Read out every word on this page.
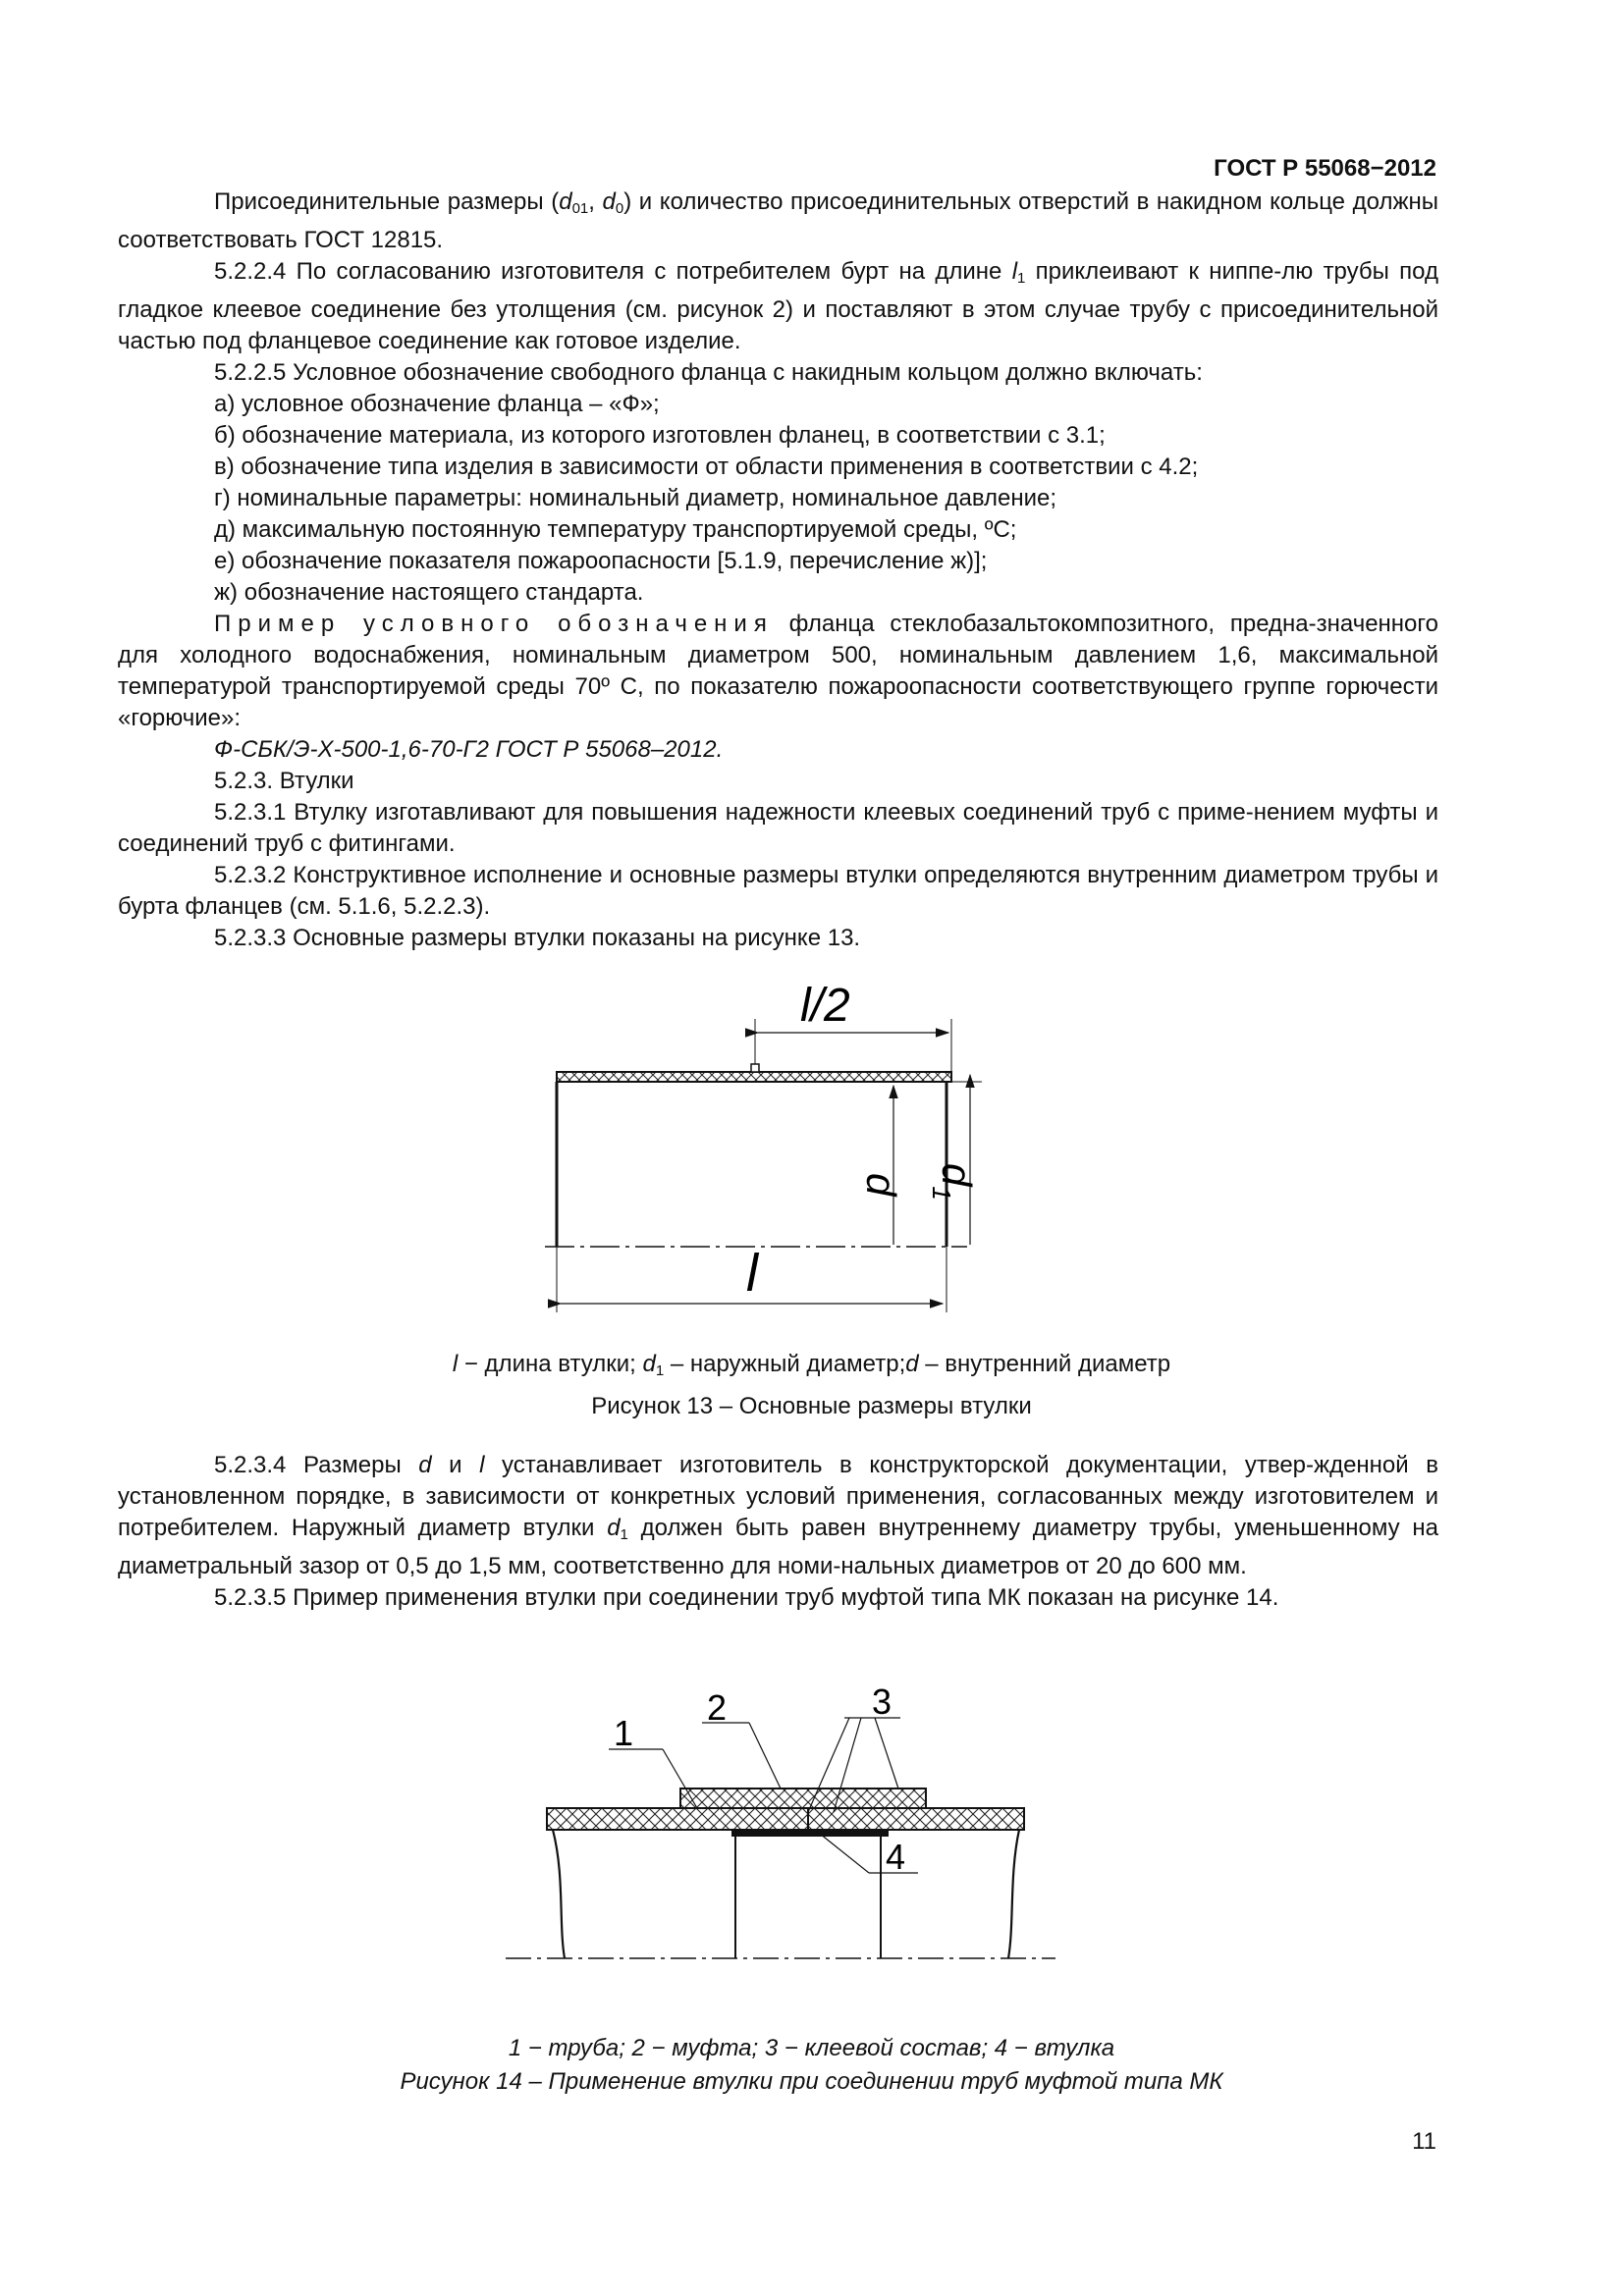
ГОСТ Р 55068−2012

Присоединительные размеры ($d_{01}$, $d_0$) и количество присоединительных отверстий в накидном кольце должны соответствовать ГОСТ 12815.

5.2.2.4 По согласованию изготовителя с потребителем бурт на длине $l_1$ приклеивают к ниппе-лю трубы под гладкое клеевое соединение без утолщения (см. рисунок 2) и поставляют в этом случае трубу с присоединительной частью под фланцевое соединение как готовое изделие.

5.2.2.5 Условное обозначение свободного фланца с накидным кольцом должно включать:

а) условное обозначение фланца – «Ф»;

б) обозначение материала, из которого изготовлен фланец, в соответствии с 3.1;

в) обозначение типа изделия в зависимости от области применения в соответствии с 4.2;

г) номинальные параметры: номинальный диаметр, номинальное давление;

д) максимальную постоянную температуру транспортируемой среды, ºС;

е) обозначение показателя пожароопасности [5.1.9, перечисление ж)];

ж) обозначение настоящего стандарта.

Пример условного обозначения фланца стеклобазальтокомпозитного, предна-значенного для холодного водоснабжения, номинальным диаметром 500, номинальным давлением 1,6, максимальной температурой транспортируемой среды 70º С, по показателю пожароопасности соответствующего группе горючести «горючие»:

Ф-СБК/Э-Х-500-1,6-70-Г2 ГОСТ Р 55068–2012.

5.2.3. Втулки

5.2.3.1 Втулку изготавливают для повышения надежности клеевых соединений труб с приме-нением муфты и соединений труб с фитингами.

5.2.3.2 Конструктивное исполнение и основные размеры втулки определяются внутренним диаметром трубы и бурта фланцев (см. 5.1.6, 5.2.2.3).

5.2.3.3 Основные размеры втулки показаны на рисунке 13.

l/2
d $d_1$
l
l − длина втулки; $d_1$ – наружный диаметр;d – внутренний диаметр
Рисунок 13 – Основные размеры втулки

5.2.3.4 Размеры d и l устанавливает изготовитель в конструкторской документации, утвер-жденной в установленном порядке, в зависимости от конкретных условий применения, согласованных между изготовителем и потребителем. Наружный диаметр втулки $d_1$ должен быть равен внутреннему диаметру трубы, уменьшенному на диаметральный зазор от 0,5 до 1,5 мм, соответственно для номи-нальных диаметров от 20 до 600 мм.

5.2.3.5 Пример применения втулки при соединении труб муфтой типа МК показан на рисунке 14.

1
2	3
4
1 − труба; 2 − муфта; 3 − клеевой состав; 4 − втулка
Рисунок 14 – Применение втулки при соединении труб муфтой типа МК
11
